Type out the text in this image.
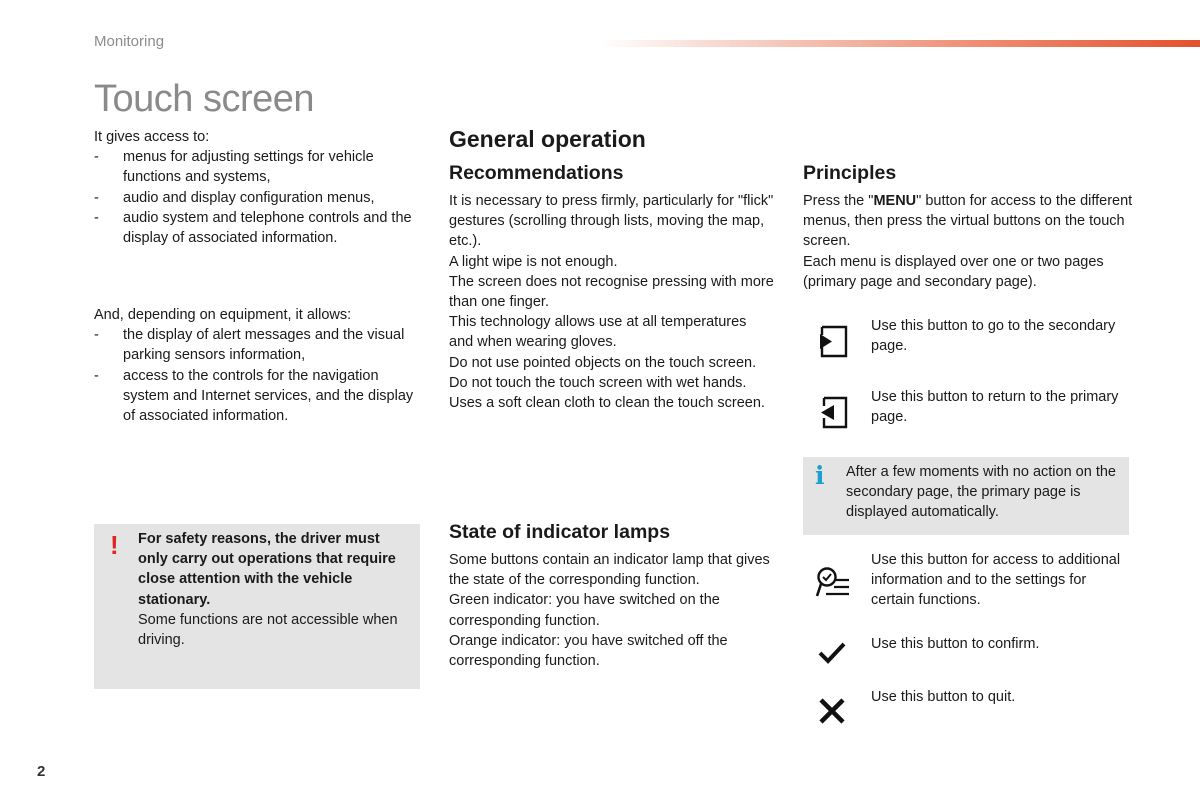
Monitoring
Touch screen
It gives access to:
- menus for adjusting settings for vehicle functions and systems,
- audio and display configuration menus,
- audio system and telephone controls and the display of associated information.
And, depending on equipment, it allows:
- the display of alert messages and the visual parking sensors information,
- access to the controls for the navigation system and Internet services, and the display of associated information.
! For safety reasons, the driver must only carry out operations that require close attention with the vehicle stationary.
Some functions are not accessible when driving.
General operation
Recommendations
It is necessary to press firmly, particularly for "flick" gestures (scrolling through lists, moving the map, etc.).
A light wipe is not enough.
The screen does not recognise pressing with more than one finger.
This technology allows use at all temperatures and when wearing gloves.
Do not use pointed objects on the touch screen.
Do not touch the touch screen with wet hands.
Uses a soft clean cloth to clean the touch screen.
State of indicator lamps
Some buttons contain an indicator lamp that gives the state of the corresponding function.
Green indicator: you have switched on the corresponding function.
Orange indicator: you have switched off the corresponding function.
Principles
Press the "MENU" button for access to the different menus, then press the virtual buttons on the touch screen.
Each menu is displayed over one or two pages (primary page and secondary page).
Use this button to go to the secondary page.
Use this button to return to the primary page.
i After a few moments with no action on the secondary page, the primary page is displayed automatically.
Use this button for access to additional information and to the settings for certain functions.
Use this button to confirm.
Use this button to quit.
2
